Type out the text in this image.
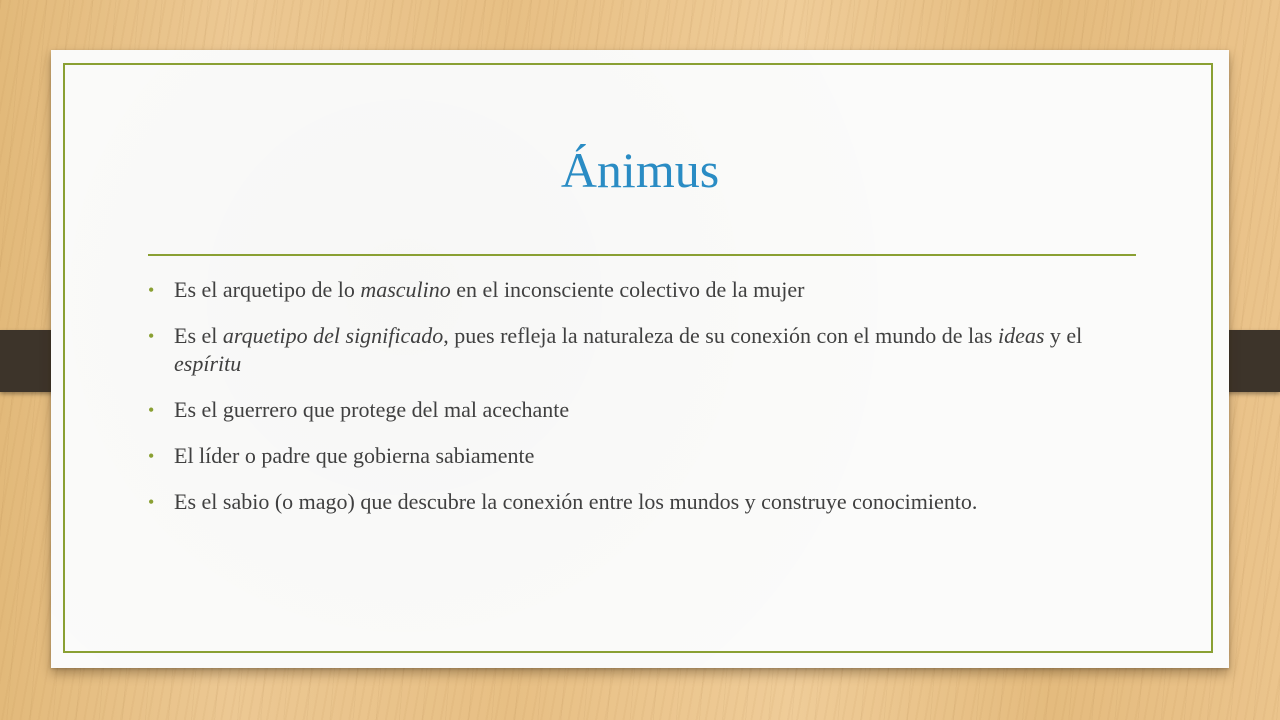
Ánimus
• Es el arquetipo de lo masculino en el inconsciente colectivo de la mujer
• Es el arquetipo del significado, pues refleja la naturaleza de su conexión con el mundo de las ideas y el espíritu
• Es el guerrero que protege del mal acechante
• El líder o padre que gobierna sabiamente
• Es el sabio (o mago) que descubre la conexión entre los mundos y construye conocimiento.
